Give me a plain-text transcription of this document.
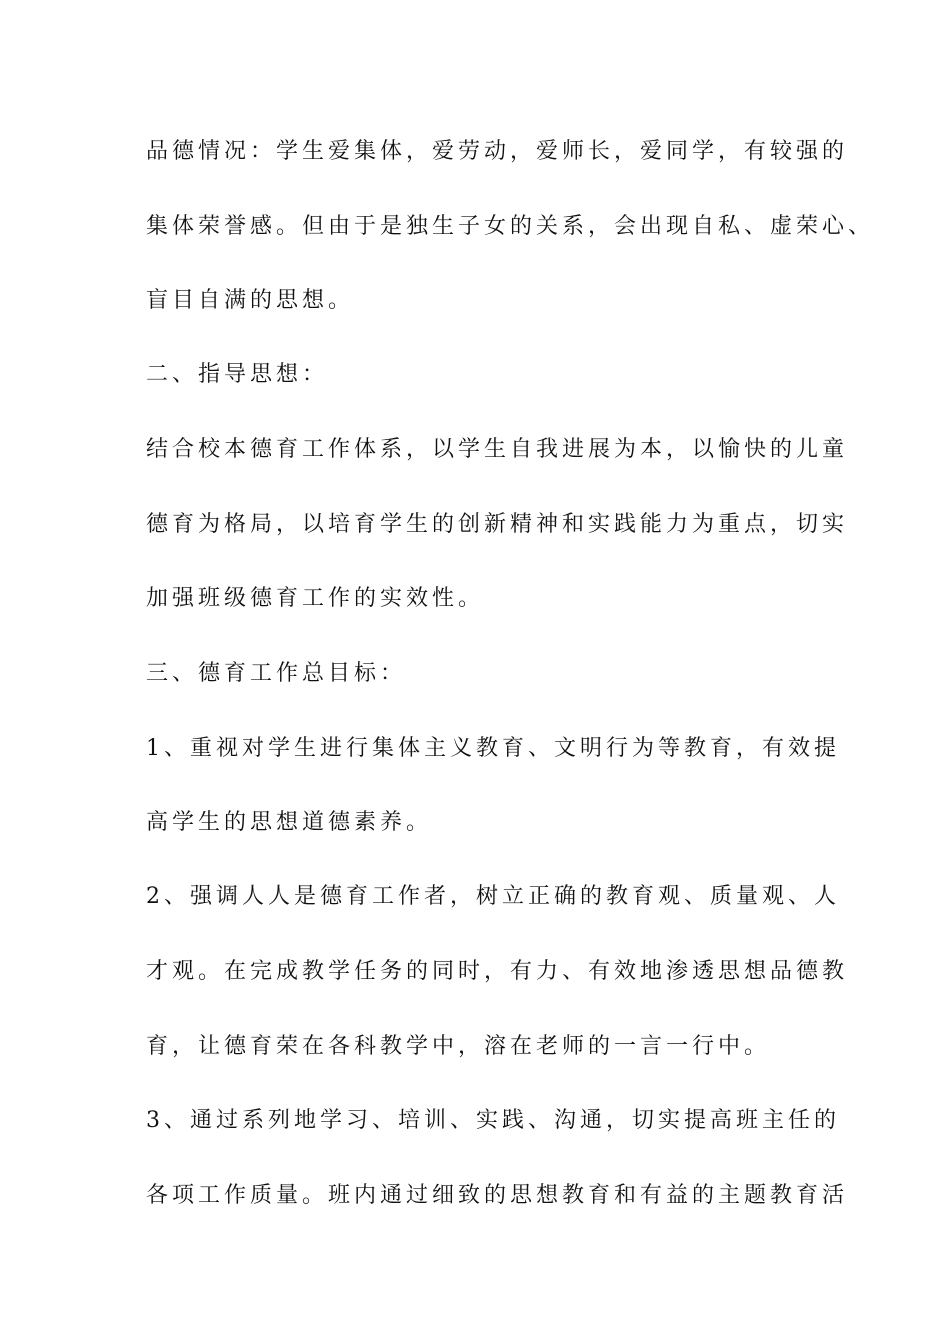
品德情况：学生爱集体，爱劳动，爱师长，爱同学，有较强的
集体荣誉感。但由于是独生子女的关系，会出现自私、虚荣心、
盲目自满的思想。
二、指导思想：
结合校本德育工作体系，以学生自我进展为本，以愉快的儿童
德育为格局，以培育学生的创新精神和实践能力为重点，切实
加强班级德育工作的实效性。
三、德育工作总目标：
1、重视对学生进行集体主义教育、文明行为等教育，有效提
高学生的思想道德素养。
2、强调人人是德育工作者，树立正确的教育观、质量观、人
才观。在完成教学任务的同时，有力、有效地渗透思想品德教
育，让德育荣在各科教学中，溶在老师的一言一行中。
3、通过系列地学习、培训、实践、沟通，切实提高班主任的
各项工作质量。班内通过细致的思想教育和有益的主题教育活
